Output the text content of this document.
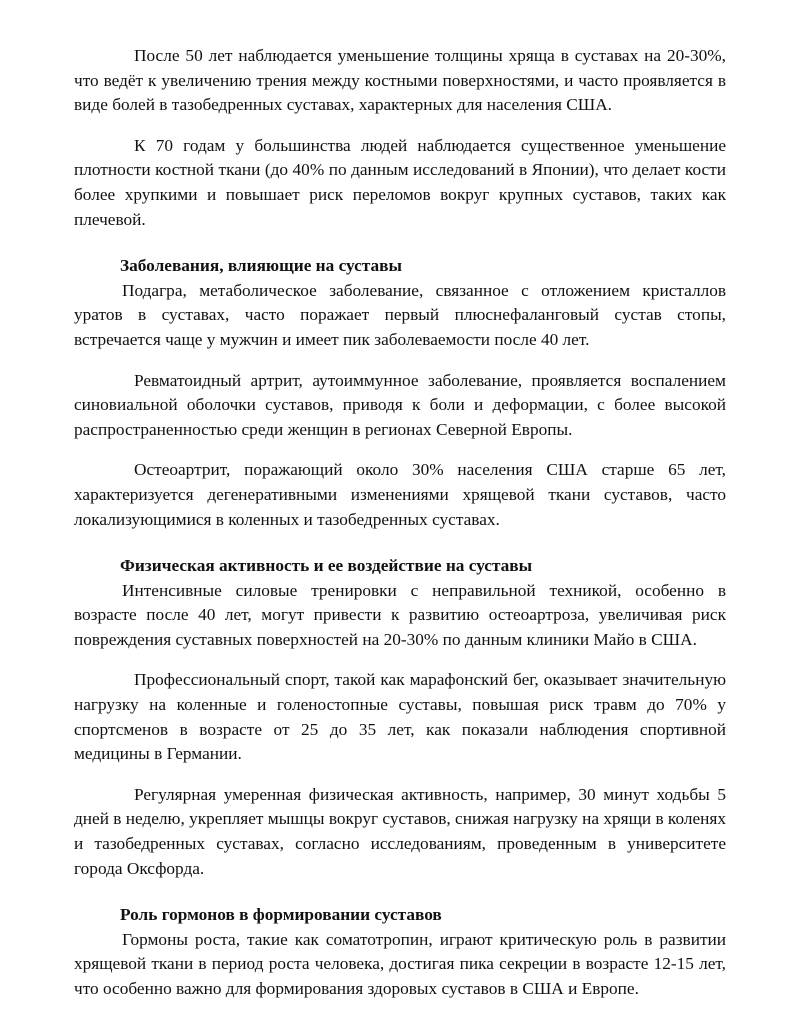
После 50 лет наблюдается уменьшение толщины хряща в суставах на 20-30%, что ведёт к увеличению трения между костными поверхностями, и часто проявляется в виде болей в тазобедренных суставах, характерных для населения США.

К 70 годам у большинства людей наблюдается существенное уменьшение плотности костной ткани (до 40% по данным исследований в Японии), что делает кости более хрупкими и повышает риск переломов вокруг крупных суставов, таких как плечевой.

Заболевания, влияющие на суставы

Подагра, метаболическое заболевание, связанное с отложением кристаллов уратов в суставах, часто поражает первый плюснефаланговый сустав стопы, встречается чаще у мужчин и имеет пик заболеваемости после 40 лет.

Ревматоидный артрит, аутоиммунное заболевание, проявляется воспалением синовиальной оболочки суставов, приводя к боли и деформации, с более высокой распространенностью среди женщин в регионах Северной Европы.

Остеоартрит, поражающий около 30% населения США старше 65 лет, характеризуется дегенеративными изменениями хрящевой ткани суставов, часто локализующимися в коленных и тазобедренных суставах.

Физическая активность и ее воздействие на суставы

Интенсивные силовые тренировки с неправильной техникой, особенно в возрасте после 40 лет, могут привести к развитию остеоартроза, увеличивая риск повреждения суставных поверхностей на 20-30% по данным клиники Майо в США.

Профессиональный спорт, такой как марафонский бег, оказывает значительную нагрузку на коленные и голеностопные суставы, повышая риск травм до 70% у спортсменов в возрасте от 25 до 35 лет, как показали наблюдения спортивной медицины в Германии.

Регулярная умеренная физическая активность, например, 30 минут ходьбы 5 дней в неделю, укрепляет мышцы вокруг суставов, снижая нагрузку на хрящи в коленях и тазобедренных суставах, согласно исследованиям, проведенным в университете города Оксфорда.

Роль гормонов в формировании суставов

Гормоны роста, такие как соматотропин, играют критическую роль в развитии хрящевой ткани в период роста человека, достигая пика секреции в возрасте 12-15 лет, что особенно важно для формирования здоровых суставов в США и Европе.
